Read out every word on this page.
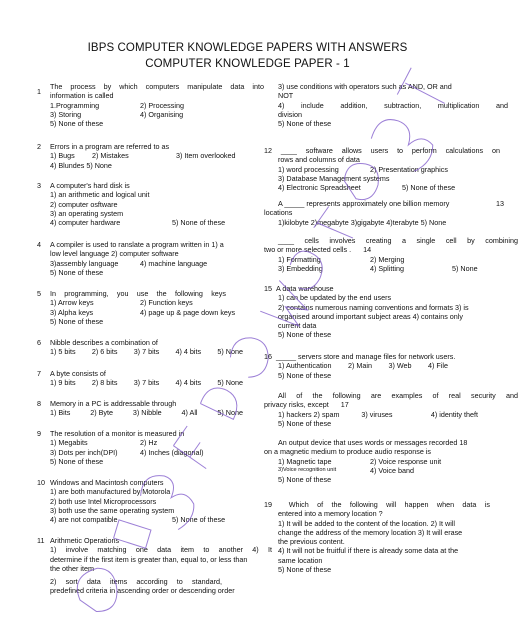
IBPS COMPUTER KNOWLEDGE PAPERS WITH ANSWERS
COMPUTER KNOWLEDGE PAPER - 1
1
The process by which computers manipulate data into
information is called
1.Programming	2) Processing
3) Storing	4) Organising
5) None of these
2 Errors in a program are referred to as
1) Bugs	2) Mistakes	3) Item overlooked
4) Blundes 5) None
3 A computer's hard disk is
1) an arithmetic and logical unit
2) computer osftware
3) an operating system
4) computer hardware	5) None of these
4 A compiler is used to ranslate a program written in 1) a
low level language 2) computer software
3)assembly language	4) machine language
5) None of these
5 In programming, you use the following keys
1) Arrow keys	2) Function keys
3) Alpha keys	4) page up & page down keys
5) None of these
6 Nibble describes a combination of
1) 5 bits 2) 6 bits 3) 7 bits 4) 4 bits 5) None
7 A byte consists of
1) 9 bits 2) 8 bits 3) 7 bits 4) 4 bits 5) None
8 Memory in a PC is addressable through
1) Bits	2) Byte	3) Nibble	4) All	5) None
9 The resolution of a monitor is measured in
1) Megabits	2) Hz
3) Dots per inch(DPI)	4) Inches (diagonal)
5) None of these
10 Windows and Macintosh computers
1) are both manufactured by Motorola
2) both use Intel Microprocessors
3) both use the same operating system
4) are not compatible	5) None of these
11 Arithmetic Operations
1) involve matching one data item to another 4) It
determine if the first item is greater than, equal to, or less than
the other item
2) sort data items according to standard,
predefined criteria in ascending order or descending order
3) use conditions with operators such as AND, OR and
NOT
4) include addition, subtraction, multiplication and
division
5) None of these
12 ____ software allows users to perform calculations on
rows and columns of data
1) word processing	2) Presentation graphics
3) Database Management systems
4) Electronic Spreadsheet	5) None of these
A _____ represents approximately one billion memory	13
locations
1)kilobyte 2)megabyte 3)gigabyte 4)terabyte 5) None
____ cells involves creating a single cell by combining
two or more selected cells . 14
1) Formatting	2) Merging
3) Embedding	4) Splitting	5) None
15 A data warehouse
1) can be updated by the end users
2) contains numerous naming conventions and formats 3) is
organised around important subject areas 4) contains only
current data
5) None of these
16 _____ servers store and manage files for network users.
1) Authentication 2) Main 3) Web 4) File
5) None of these
All of the following are examples of real security and
privacy risks, except 17
1) hackers 2) spam	3) viruses	4) identity theft
5) None of these
An output device that uses words or messages recorded 18
on a magnetic medium to produce audio response is
1) Magnetic tape	2) Voice response unit
3)Voice recognition unit	4) Voice band
5) None of these
19 Which of the following will happen when data is
entered into a memory location ?
1) It will be added to the content of the location. 2) It will
change the address of the memory location 3) It will erase
the previous content.
4) It will not be fruitful if there is already some data at the
same location
5) None of these
